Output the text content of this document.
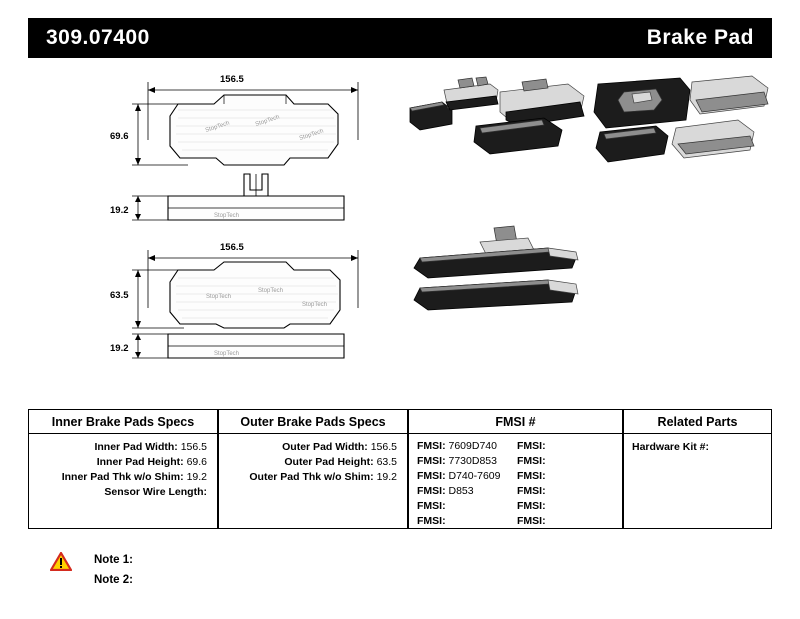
309.07400	Brake Pad
156.5
69.6
19.2
156.5
63.5
19.2
StopTech	StopTech
StopTech
StopTech
StopTech
StopTech
StopTech
StopTech
Inner Brake Pads Specs
Inner Pad Width: 156.5
Inner Pad Height: 69.6
Inner Pad Thk w/o Shim: 19.2
Sensor Wire Length:
Outer Brake Pads Specs
Outer Pad Width: 156.5
Outer Pad Height: 63.5
Outer Pad Thk w/o Shim: 19.2
FMSI #
FMSI: 7609D740	FMSI:
FMSI: 7730D853	FMSI:
FMSI: D740-7609	FMSI:
FMSI: D853	FMSI:
FMSI:	FMSI:
FMSI:	FMSI:
Related Parts
Hardware Kit #:
Note 1:
Note 2:
